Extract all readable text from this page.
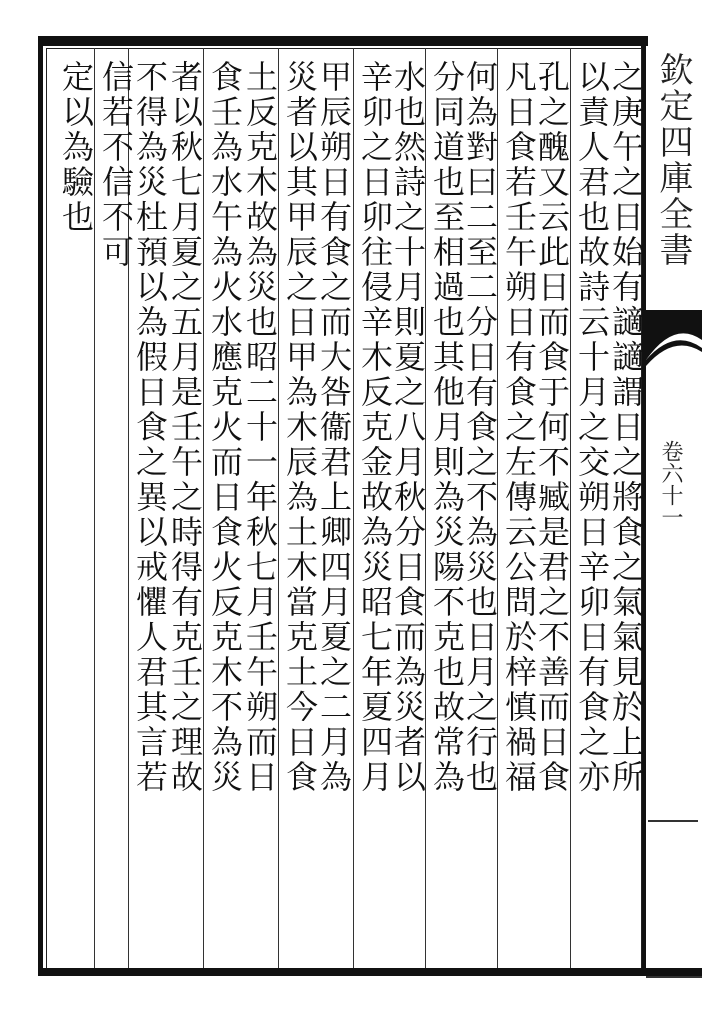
之庚午之日始有讁讁謂日之將食之氣氣見於上所
以責人君也故詩云十月之交朔日辛卯日有食之亦
孔之醜又云此日而食于何不臧是君之不善而日食
凡日食若壬午朔日有食之左傳云公問於梓慎禍福
何為對曰二至二分日有食之不為災也日月之行也
分同道也至相過也其他月則為災陽不克也故常為
水也然詩之十月則夏之八月秋分日食而為災者以
辛卯之日卯往侵辛木反克金故為災昭七年夏四月
甲辰朔日有食之而大咎衞君上卿四月夏之二月為
災者以其甲辰之日甲為木辰為土木當克土今日食
土反克木故為災也昭二十一年秋七月壬午朔而日
食壬為水午為火水應克火而日食火反克木不為災
者以秋七月夏之五月是壬午之時得有克壬之理故
不得為災杜預以為假日食之異以戒懼人君其言若
信若不信不可
定以為驗也	欽定四庫全書
卷六十一
